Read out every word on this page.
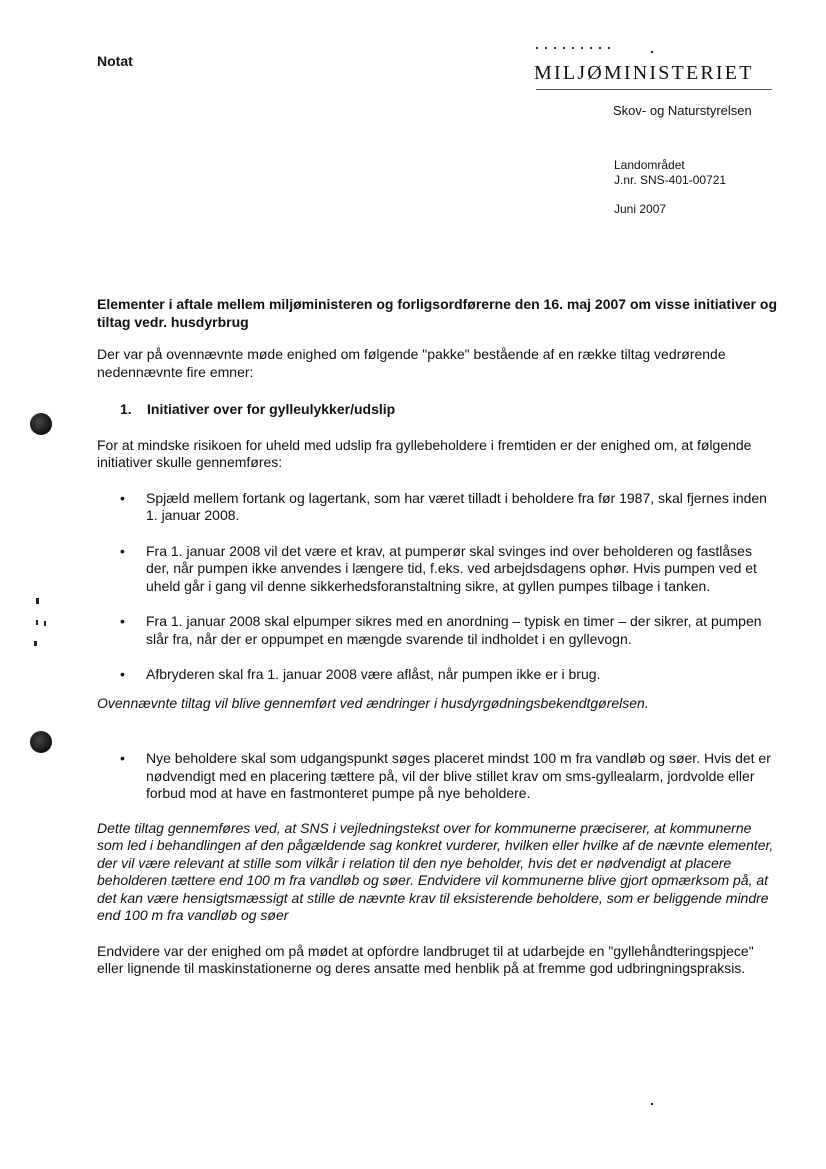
Notat
MILJØMINISTERIET
Skov- og Naturstyrelsen
Landområdet
J.nr. SNS-401-00721
Juni 2007

Elementer i aftale mellem miljøministeren og forligsordførerne den 16. maj 2007 om visse initiativer og tiltag vedr. husdyrbrug

Der var på ovennævnte møde enighed om følgende "pakke" bestående af en række tiltag vedrørende nedennævnte fire emner:

1.	Initiativer over for gylleulykker/udslip

For at mindske risikoen for uheld med udslip fra gyllebeholdere i fremtiden er der enighed om, at følgende initiativer skulle gennemføres:

• Spjæld mellem fortank og lagertank, som har været tilladt i beholdere fra før 1987, skal fjernes inden 1. januar 2008.
• Fra 1. januar 2008 vil det være et krav, at pumperør skal svinges ind over beholderen og fastlåses der, når pumpen ikke anvendes i længere tid, f.eks. ved arbejdsdagens ophør. Hvis pumpen ved et uheld går i gang vil denne sikkerhedsforanstaltning sikre, at gyllen pumpes tilbage i tanken.
• Fra 1. januar 2008 skal elpumper sikres med en anordning – typisk en timer – der sikrer, at pumpen slår fra, når der er oppumpet en mængde svarende til indholdet i en gyllevogn.
• Afbryderen skal fra 1. januar 2008 være aflåst, når pumpen ikke er i brug.

Ovennævnte tiltag vil blive gennemført ved ændringer i husdyrgødningsbekendtgørelsen.

• Nye beholdere skal som udgangspunkt søges placeret mindst 100 m fra vandløb og søer. Hvis det er nødvendigt med en placering tættere på, vil der blive stillet krav om sms-gyllealarm, jordvolde eller forbud mod at have en fastmonteret pumpe på nye beholdere.

Dette tiltag gennemføres ved, at SNS i vejledningstekst over for kommunerne præciserer, at kommunerne som led i behandlingen af den pågældende sag konkret vurderer, hvilken eller hvilke af de nævnte elementer, der vil være relevant at stille som vilkår i relation til den nye beholder, hvis det er nødvendigt at placere beholderen tættere end 100 m fra vandløb og søer. Endvidere vil kommunerne blive gjort opmærksom på, at det kan være hensigtsmæssigt at stille de nævnte krav til eksisterende beholdere, som er beliggende mindre end 100 m fra vandløb og søer

Endvidere var der enighed om på mødet at opfordre landbruget til at udarbejde en "gyllehåndteringspjece" eller lignende til maskinstationerne og deres ansatte med henblik på at fremme god udbringningspraksis.
